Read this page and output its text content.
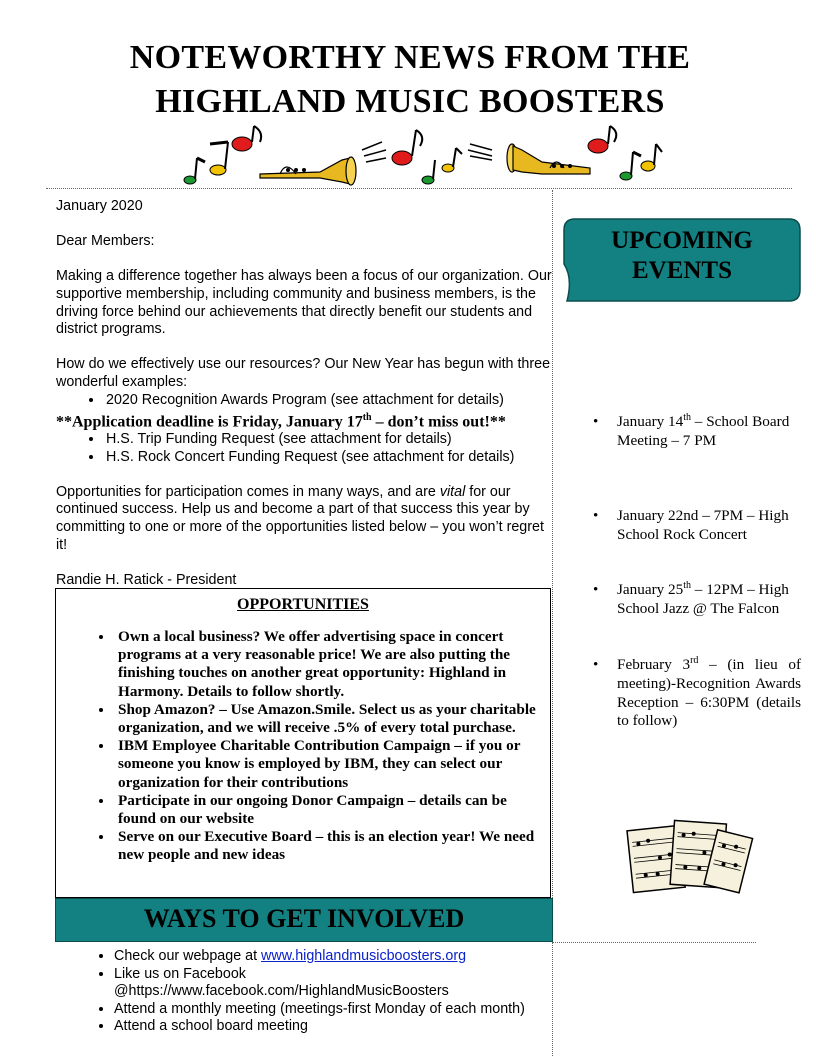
NOTEWORTHY NEWS FROM THE
HIGHLAND MUSIC BOOSTERS

January 2020

Dear Members:

Making a difference together has always been a focus of our organization. Our supportive membership, including community and business members, is the driving force behind our achievements that directly benefit our students and district programs.

How do we effectively use our resources? Our New Year has begun with three wonderful examples:

• 2020 Recognition Awards Program (see attachment for details)

**Application deadline is Friday, January 17th – don’t miss out!**

• H.S. Trip Funding Request (see attachment for details)
• H.S. Rock Concert Funding Request (see attachment for details)

Opportunities for participation comes in many ways, and are vital for our continued success. Help us and become a part of that success this year by committing to one or more of the opportunities listed below – you won’t regret it!

Randie H. Ratick - President

OPPORTUNITIES
• Own a local business? We offer advertising space in concert programs at a very reasonable price! We are also putting the finishing touches on another great opportunity: Highland in Harmony. Details to follow shortly.
• Shop Amazon? – Use Amazon.Smile. Select us as your charitable organization, and we will receive .5% of every total purchase.
• IBM Employee Charitable Contribution Campaign – if you or someone you know is employed by IBM, they can select our organization for their contributions
• Participate in our ongoing Donor Campaign – details can be found on our website
• Serve on our Executive Board – this is an election year! We need new people and new ideas
WAYS TO GET INVOLVED
• Check our webpage at www.highlandmusicboosters.org
• Like us on Facebook
@https://www.facebook.com/HighlandMusicBoosters
• Attend a monthly meeting (meetings-first Monday of each month)
• Attend a school board meeting
UPCOMING
EVENTS
• January 14th – School Board Meeting – 7 PM
• January 22nd – 7PM – High School Rock Concert
• January 25th – 12PM – High School Jazz @ The Falcon
• February 3rd – (in lieu of meeting)-Recognition Awards Reception – 6:30PM (details to follow)
